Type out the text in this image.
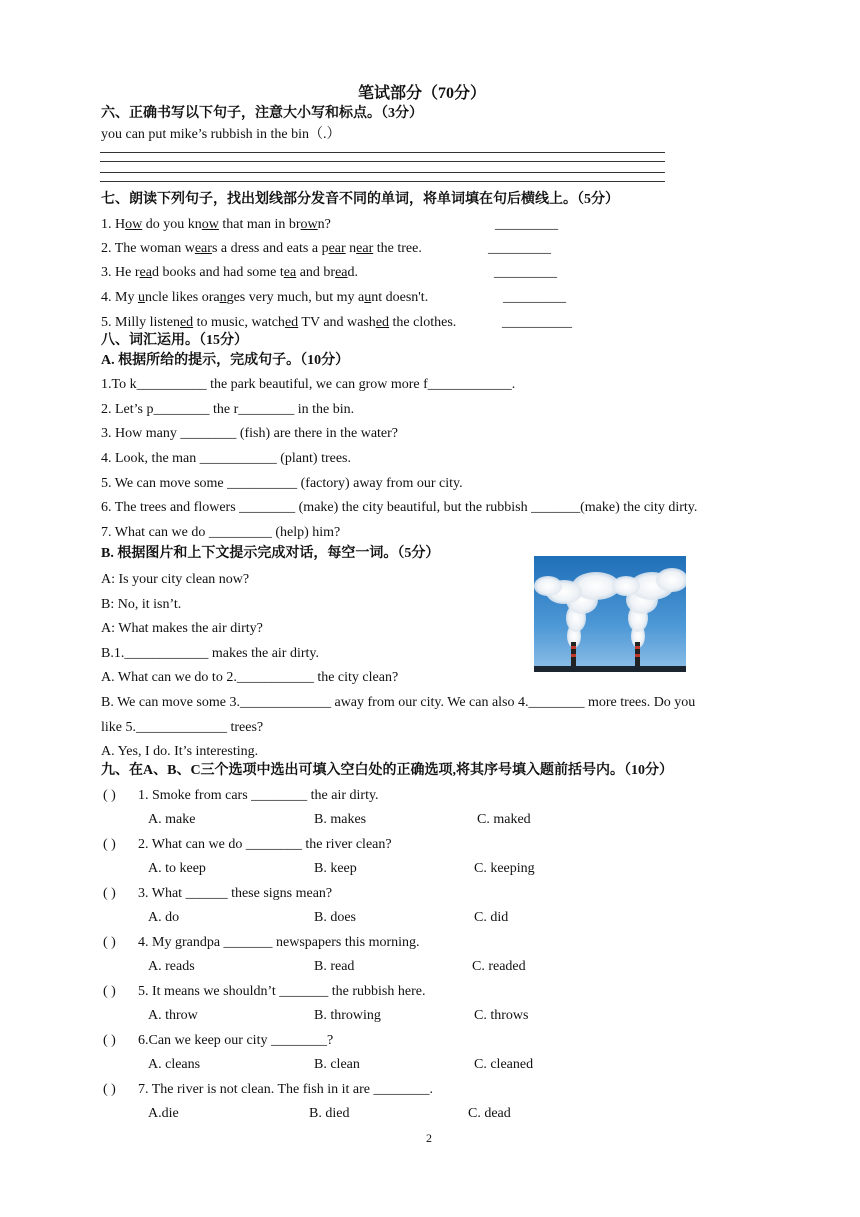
笔试部分（70分）
六、正确书写以下句子，注意大小写和标点。（3分）
you can put mike’s rubbish in the bin（.）
七、朗读下列句子，找出划线部分发音不同的单词，将单词填在句后横线上。（5分）
1. How do you know that man in brown?
2. The woman wears a dress and eats a pear near the tree.
3. He read books and had some tea and bread.
4. My uncle likes oranges very much, but my aunt doesn't.
5. Milly listened to music, watched TV and washed the clothes.
_________
_________
_________
_________
__________
八、词汇运用。（15分）
A. 根据所给的提示，完成句子。（10分）
1.To k__________ the park beautiful, we can grow more f____________.
2. Let’s p________ the r________ in the bin.
3. How many ________ (fish) are there in the water?
4. Look, the man ___________ (plant) trees.
5. We can move some __________ (factory) away from our city.
6. The trees and flowers ________ (make) the city beautiful, but the rubbish _______(make) the city dirty.
7. What can we do _________ (help) him?
B. 根据图片和上下文提示完成对话，每空一词。（5分）
A: Is your city clean now?
B: No, it isn’t.
A: What makes the air dirty?
B.1.____________ makes the air dirty.
A. What can we do to 2.___________ the city clean?
B. We can move some 3._____________ away from our city. We can also 4.________ more trees. Do you
like 5._____________ trees?
A. Yes, I do. It’s interesting.
九、在A、B、C三个选项中选出可填入空白处的正确选项,将其序号填入题前括号内。（10分）
( ) 1. Smoke from cars ________ the air dirty.
A. make	B. makes	C. maked
( ) 2. What can we do ________ the river clean?
A. to keep	B. keep	C. keeping
( ) 3. What ______ these signs mean?
A. do	B. does	C. did
( ) 4. My grandpa _______ newspapers this morning.
A. reads	B. read	C. readed
( ) 5. It means we shouldn’t _______ the rubbish here.
A. throw	B. throwing	C. throws
( ) 6.Can we keep our city ________?
A. cleans	B. clean	C. cleaned
( ) 7. The river is not clean. The fish in it are ________.
A.die	B. died	C. dead
2
